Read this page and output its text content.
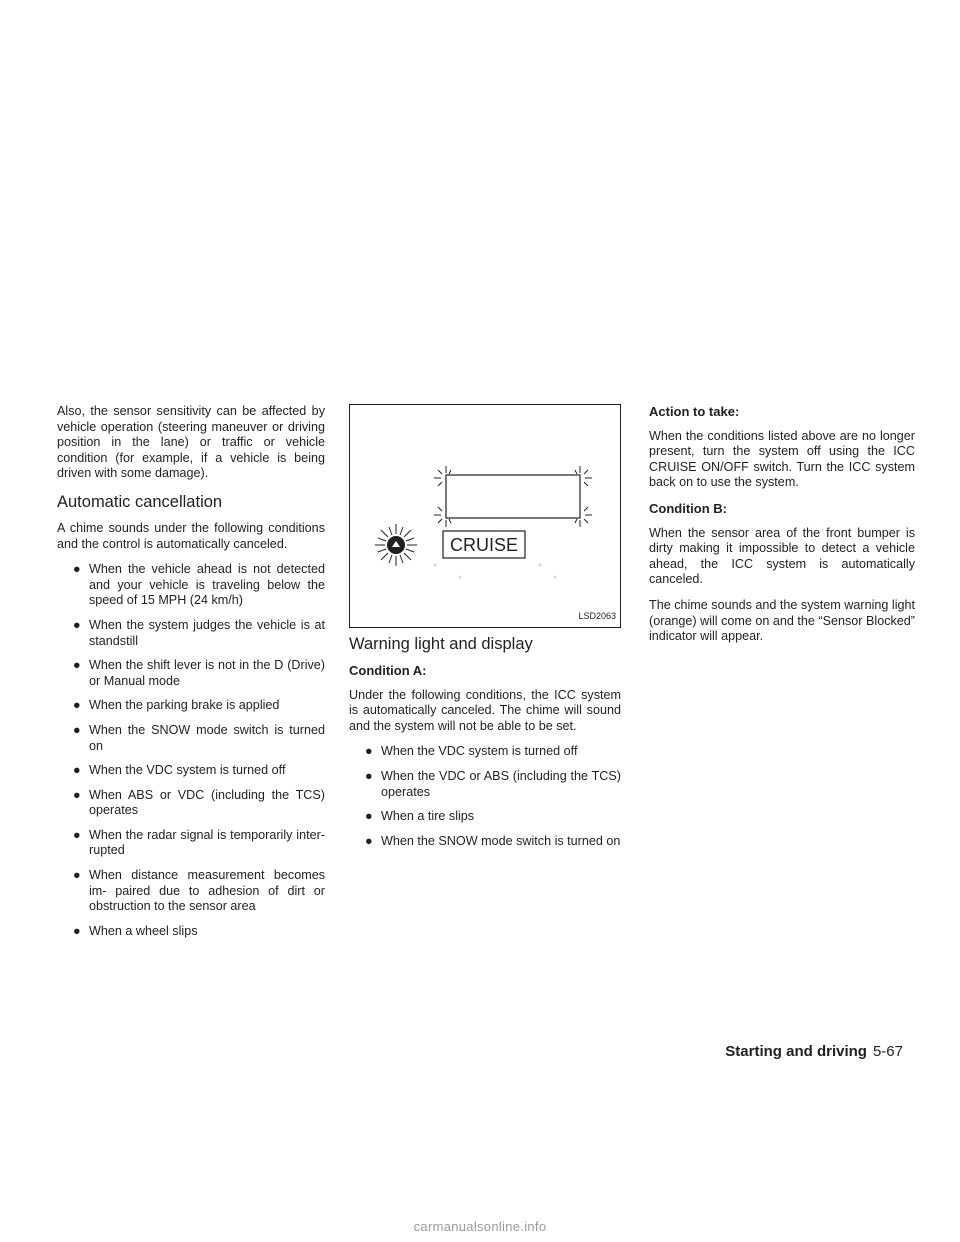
Also, the sensor sensitivity can be affected by vehicle operation (steering maneuver or driving position in the lane) or traffic or vehicle condition (for example, if a vehicle is being driven with some damage).

Automatic cancellation

A chime sounds under the following conditions and the control is automatically canceled.

● When the vehicle ahead is not detected and your vehicle is traveling below the speed of 15 MPH (24 km/h)
● When the system judges the vehicle is at standstill
● When the shift lever is not in the D (Drive) or Manual mode
● When the parking brake is applied
● When the SNOW mode switch is turned on
● When the VDC system is turned off
● When ABS or VDC (including the TCS) operates
● When the radar signal is temporarily inter- rupted
● When distance measurement becomes im- paired due to adhesion of dirt or obstruction to the sensor area
● When a wheel slips
CRUISE
LSD2063
Warning light and display
Condition A:

Under the following conditions, the ICC system is automatically canceled. The chime will sound and the system will not be able to be set.

● When the VDC system is turned off
● When the VDC or ABS (including the TCS) operates
● When a tire slips
● When the SNOW mode switch is turned on
Action to take:

When the conditions listed above are no longer present, turn the system off using the ICC CRUISE ON/OFF switch. Turn the ICC system back on to use the system.

Condition B:

When the sensor area of the front bumper is dirty making it impossible to detect a vehicle ahead, the ICC system is automatically canceled.

The chime sounds and the system warning light (orange) will come on and the “Sensor Blocked” indicator will appear.

Starting and driving 5-67
carmanualsonline.info
